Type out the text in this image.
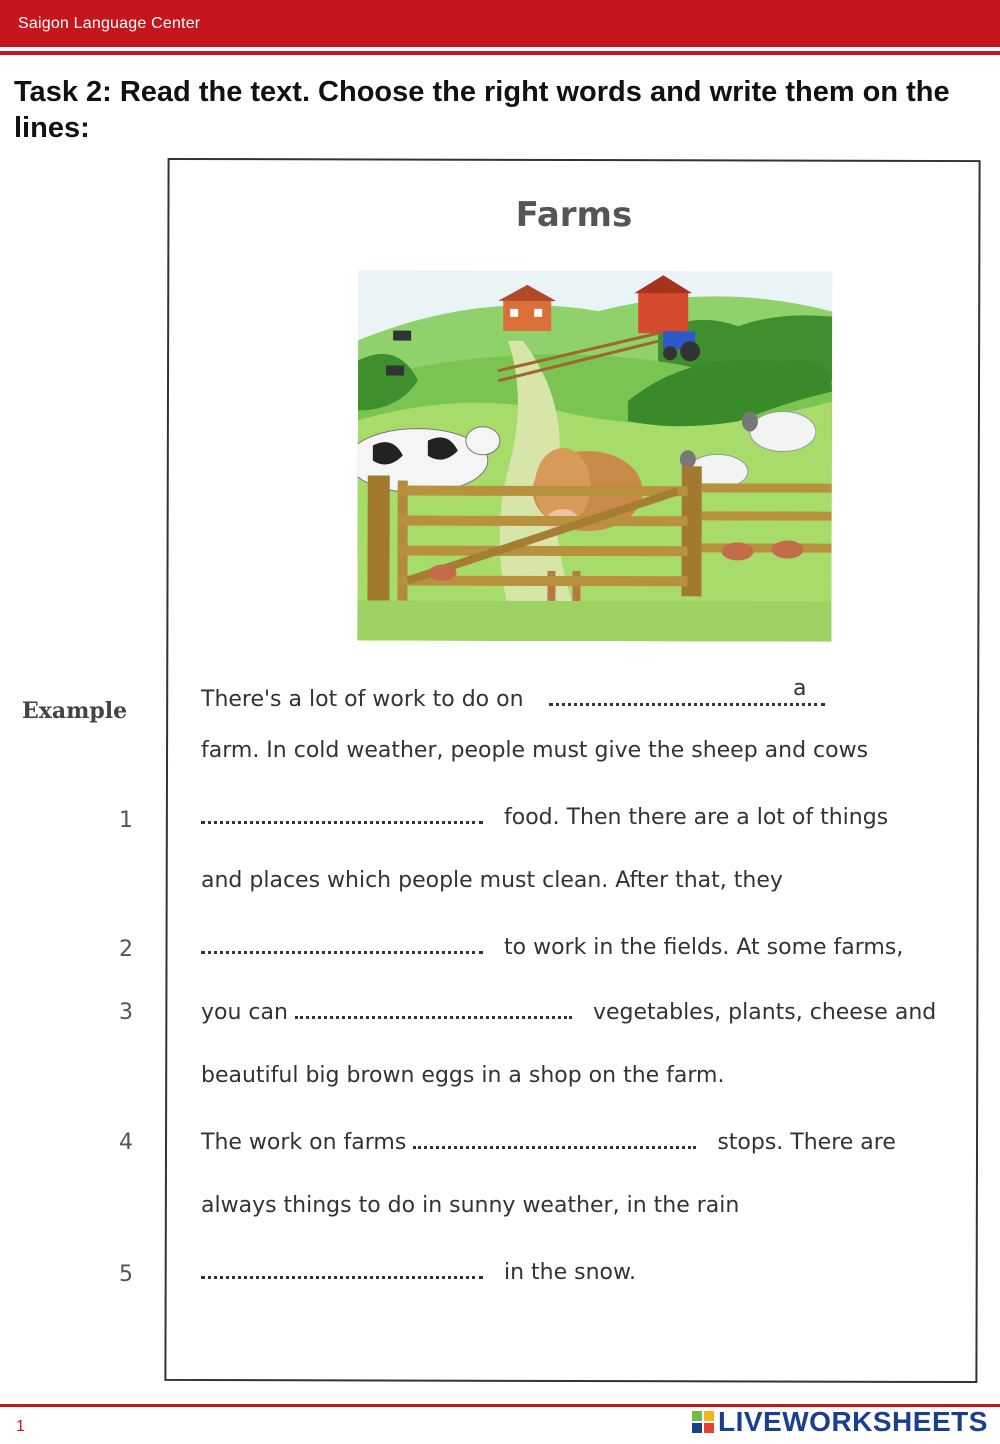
Saigon Language Center
Task 2: Read the text. Choose the right words and write them on the lines:
Farms
Example
1
2
3
4
5
There's a lot of work to do on	a
farm. In cold weather, people must give the sheep and cows
food. Then there are a lot of things
and places which people must clean. After that, they
to work in the fields. At some farms,
you can	vegetables, plants, cheese and
beautiful big brown eggs in a shop on the farm.
The work on farms	stops. There are
always things to do in sunny weather, in the rain
in the snow.
1	LIVEWORKSHEETS
